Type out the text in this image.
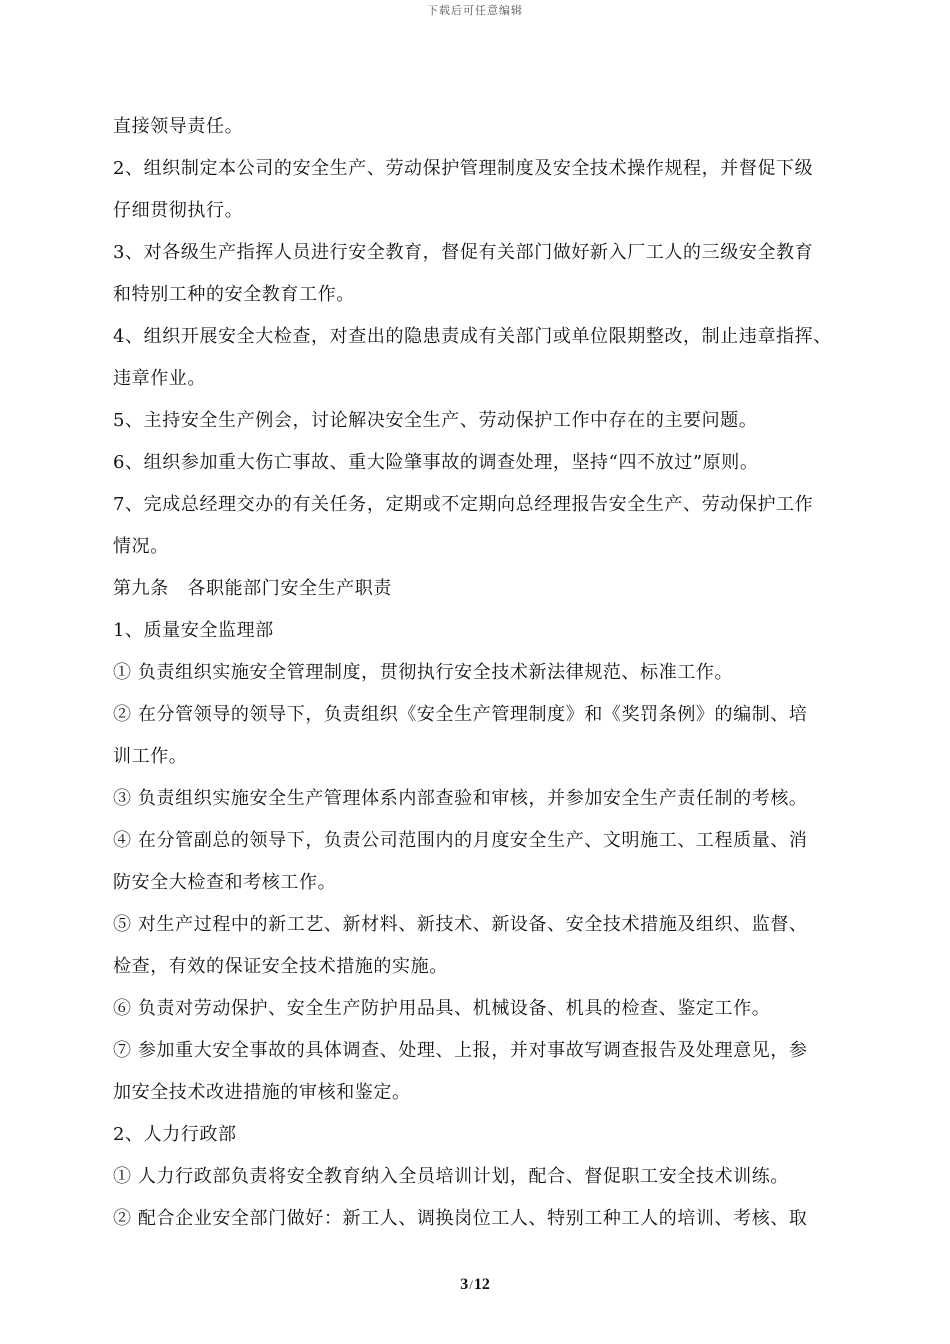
下载后可任意编辑
直接领导责任。
2、组织制定本公司的安全生产、劳动保护管理制度及安全技术操作规程，并督促下级
仔细贯彻执行。
3、对各级生产指挥人员进行安全教育，督促有关部门做好新入厂工人的三级安全教育
和特别工种的安全教育工作。
4、组织开展安全大检查，对查出的隐患责成有关部门或单位限期整改，制止违章指挥、
违章作业。
5、主持安全生产例会，讨论解决安全生产、劳动保护工作中存在的主要问题。
6、组织参加重大伤亡事故、重大险肇事故的调查处理，坚持“四不放过”原则。
7、完成总经理交办的有关任务，定期或不定期向总经理报告安全生产、劳动保护工作
情况。
第九条　各职能部门安全生产职责
1、质量安全监理部
① 负责组织实施安全管理制度，贯彻执行安全技术新法律规范、标准工作。
② 在分管领导的领导下，负责组织《安全生产管理制度》和《奖罚条例》的编制、培
训工作。
③ 负责组织实施安全生产管理体系内部查验和审核，并参加安全生产责任制的考核。
④ 在分管副总的领导下，负责公司范围内的月度安全生产、文明施工、工程质量、消
防安全大检查和考核工作。
⑤ 对生产过程中的新工艺、新材料、新技术、新设备、安全技术措施及组织、监督、
检查，有效的保证安全技术措施的实施。
⑥ 负责对劳动保护、安全生产防护用品具、机械设备、机具的检查、鉴定工作。
⑦ 参加重大安全事故的具体调查、处理、上报，并对事故写调查报告及处理意见，参
加安全技术改进措施的审核和鉴定。
2、人力行政部
① 人力行政部负责将安全教育纳入全员培训计划，配合、督促职工安全技术训练。
② 配合企业安全部门做好：新工人、调换岗位工人、特别工种工人的培训、考核、取
3/12
